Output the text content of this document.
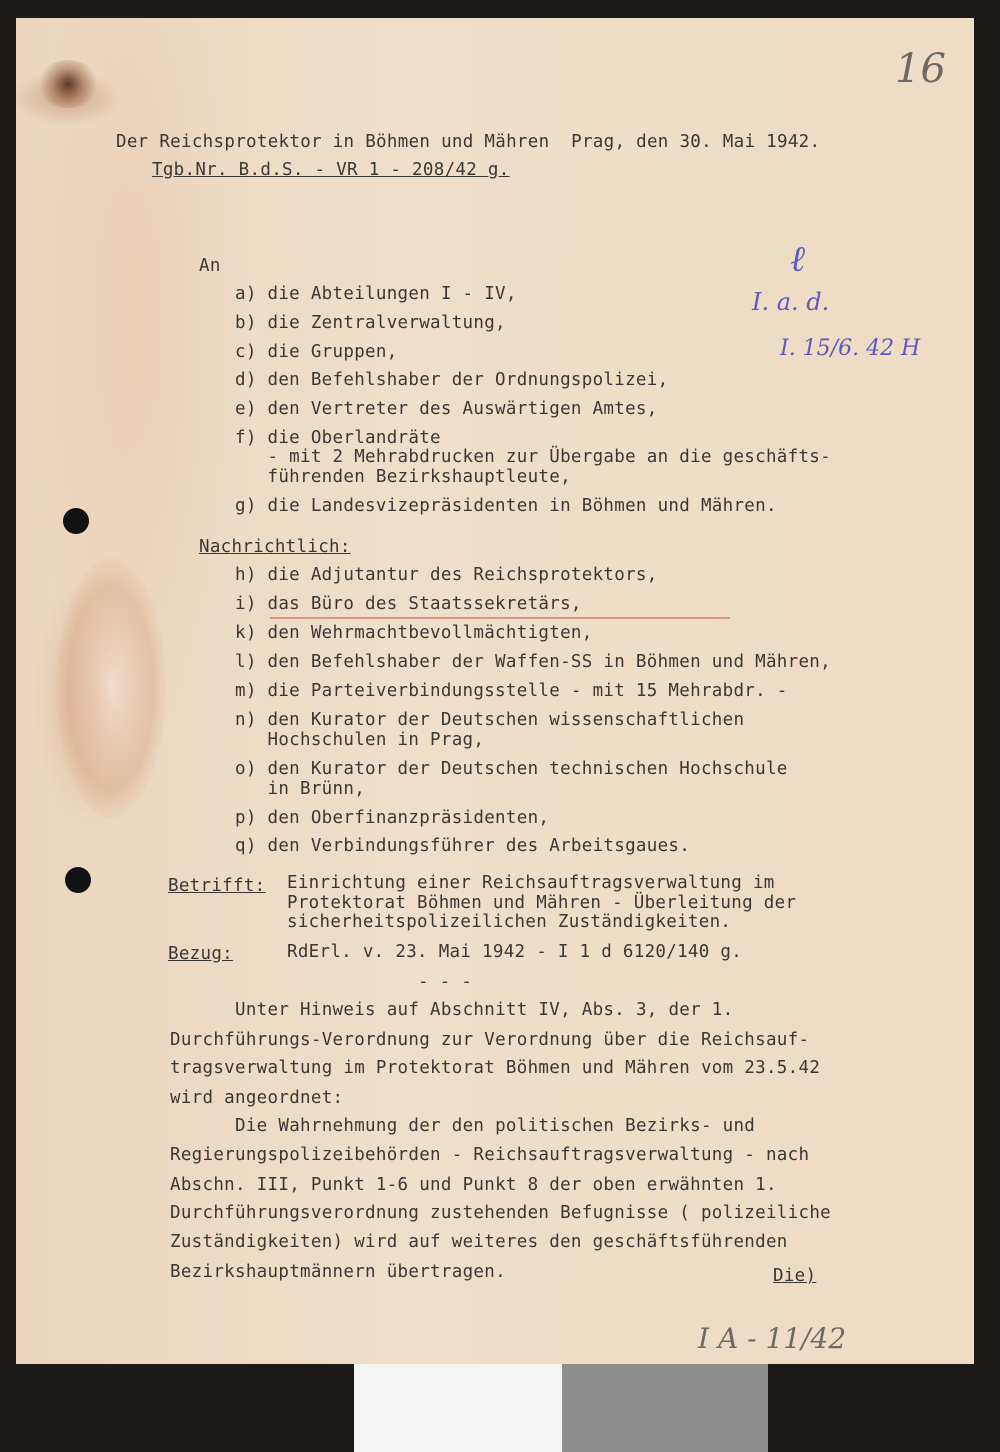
16
Der Reichsprotektor in Böhmen und Mähren  Prag, den 30. Mai 1942.
Tgb.Nr. B.d.S. - VR 1 - 208/42 g.
ℓ
I. a. d.
I. 15/6. 42 H
An
a) die Abteilungen I - IV,
b) die Zentralverwaltung,
c) die Gruppen,
d) den Befehlshaber der Ordnungspolizei,
e) den Vertreter des Auswärtigen Amtes,
f) die Oberlandräte
- mit 2 Mehrabdrucken zur Übergabe an die geschäfts-
führenden Bezirkshauptleute,
g) die Landesvizepräsidenten in Böhmen und Mähren.
Nachrichtlich:
h) die Adjutantur des Reichsprotektors,
i) das Büro des Staatssekretärs,
k) den Wehrmachtbevollmächtigten,
l) den Befehlshaber der Waffen-SS in Böhmen und Mähren,
m) die Parteiverbindungsstelle - mit 15 Mehrabdr. -
n) den Kurator der Deutschen wissenschaftlichen
Hochschulen in Prag,
o) den Kurator der Deutschen technischen Hochschule
in Brünn,
p) den Oberfinanzpräsidenten,
q) den Verbindungsführer des Arbeitsgaues.
Betrifft: Einrichtung einer Reichsauftragsverwaltung im
Protektorat Böhmen und Mähren - Überleitung der
sicherheitspolizeilichen Zuständigkeiten.
Bezug:	RdErl. v. 23. Mai 1942 - I 1 d 6120/140 g.
- - -
Unter Hinweis auf Abschnitt IV, Abs. 3, der 1.
Durchführungs-Verordnung zur Verordnung über die Reichsauf-
tragsverwaltung im Protektorat Böhmen und Mähren vom 23.5.42
wird angeordnet:
Die Wahrnehmung der den politischen Bezirks- und
Regierungspolizeibehörden - Reichsauftragsverwaltung - nach
Abschn. III, Punkt 1-6 und Punkt 8 der oben erwähnten 1.
Durchführungsverordnung zustehenden Befugnisse ( polizeiliche
Zuständigkeiten) wird auf weiteres den geschäftsführenden
Bezirkshauptmännern übertragen.	Die)
I A - 11/42
